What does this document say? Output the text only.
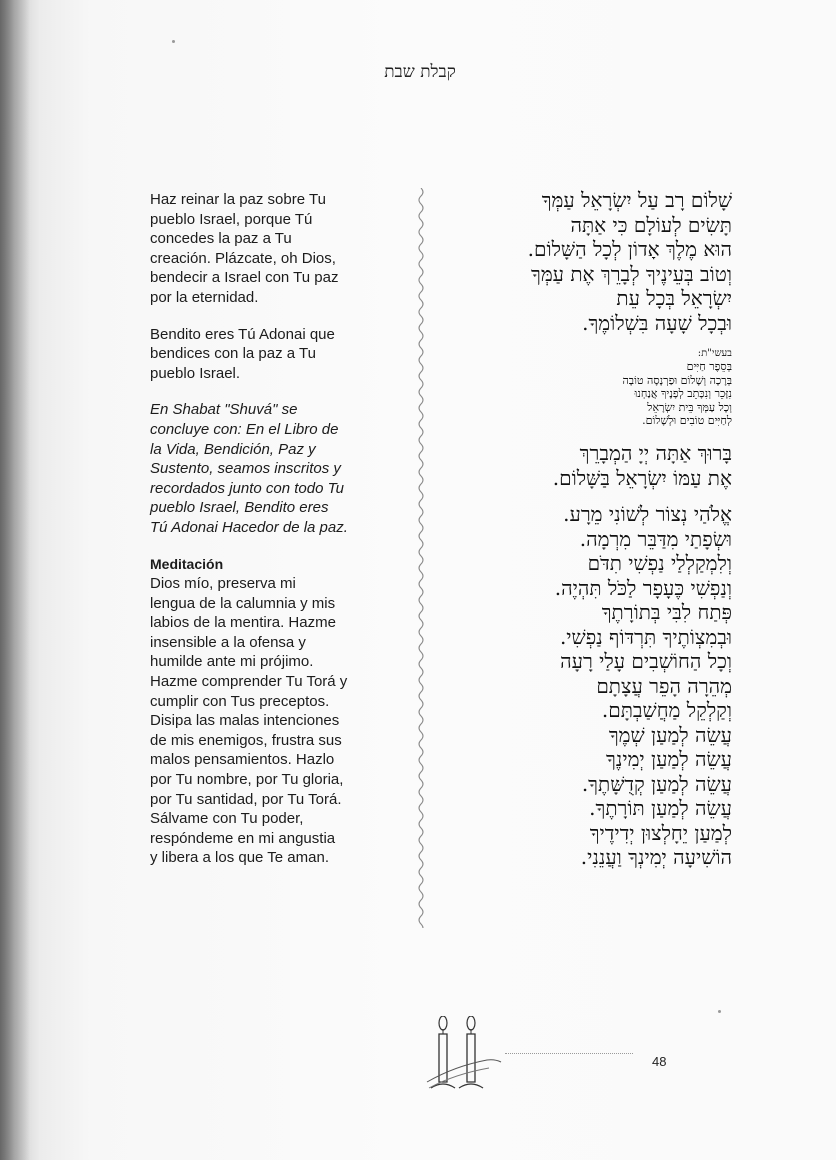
קבלת שבת

Haz reinar la paz sobre Tu
pueblo Israel, porque Tú
concedes la paz a Tu
creación. Plázcate, oh Dios,
bendecir a Israel con Tu paz
por la eternidad.

Bendito eres Tú Adonai que
bendices con la paz a Tu
pueblo Israel.

En Shabat "Shuvá" se
concluye con: En el Libro de
la Vida, Bendición, Paz y
Sustento, seamos inscritos y
recordados junto con todo Tu
pueblo Israel, Bendito eres
Tú Adonai Hacedor de la paz.

Meditación
Dios mío, preserva mi
lengua de la calumnia y mis
labios de la mentira. Hazme
insensible a la ofensa y
humilde ante mi prójimo.
Hazme comprender Tu Torá y
cumplir con Tus preceptos.
Disipa las malas intenciones
de mis enemigos, frustra sus
malos pensamientos. Hazlo
por Tu nombre, por Tu gloria,
por Tu santidad, por Tu Torá.
Sálvame con Tu poder,
respóndeme en mi angustia
y libera a los que Te aman.

שָׁלוֹם רָב עַל יִשְׂרָאֵל עַמְּךָ
תָּשִׂים לְעוֹלָם כִּי אַתָּה
הוּא מֶלֶךְ אָדוֹן לְכָל הַשָּׁלוֹם.
וְטוֹב בְּעֵינֶיךָ לְבָרֵךְ אֶת עַמְּךָ
יִשְׂרָאֵל בְּכָל עֵת
וּבְכָל שָׁעָה בִּשְׁלוֹמֶךָ.
בעשי"ת:
בְּסֵפֶר חַיִּים
בְּרָכָה וְשָׁלוֹם וּפַרְנָסָה טוֹבָה
נִזָּכֵר וְנִכָּתֵב לְפָנֶיךָ אֲנַחְנוּ
וְכָל עַמְּךָ בֵּית יִשְׂרָאֵל
לְחַיִּים טוֹבִים וּלְשָׁלוֹם.
בָּרוּךְ אַתָּה יְיָ הַמְבָרֵךְ
אֶת עַמּוֹ יִשְׂרָאֵל בַּשָּׁלוֹם.
אֱלֹהַי נְצוֹר לְשׁוֹנִי מֵרָע.
וּשְׂפָתַי מִדַּבֵּר מִרְמָה.
וְלִמְקַלְלַי נַפְשִׁי תִדֹּם
וְנַפְשִׁי כֶּעָפָר לַכֹּל תִּהְיֶה.
פְּתַח לִבִּי בְּתוֹרָתֶךָ
וּבְמִצְוֹתֶיךָ תִּרְדּוֹף נַפְשִׁי.
וְכָל הַחוֹשְׁבִים עָלַי רָעָה
מְהֵרָה הָפֵר עֲצָתָם
וְקַלְקֵל מַחֲשַׁבְתָּם.
עֲשֵׂה לְמַעַן שְׁמֶךָ
עֲשֵׂה לְמַעַן יְמִינֶךָ
עֲשֵׂה לְמַעַן קְדֻשָּׁתֶךָ.
עֲשֵׂה לְמַעַן תּוֹרָתֶךָ.
לְמַעַן יֵחָלְצוּן יְדִידֶיךָ
הוֹשִׁיעָה יְמִינְךָ וַעֲנֵנִי.
48
